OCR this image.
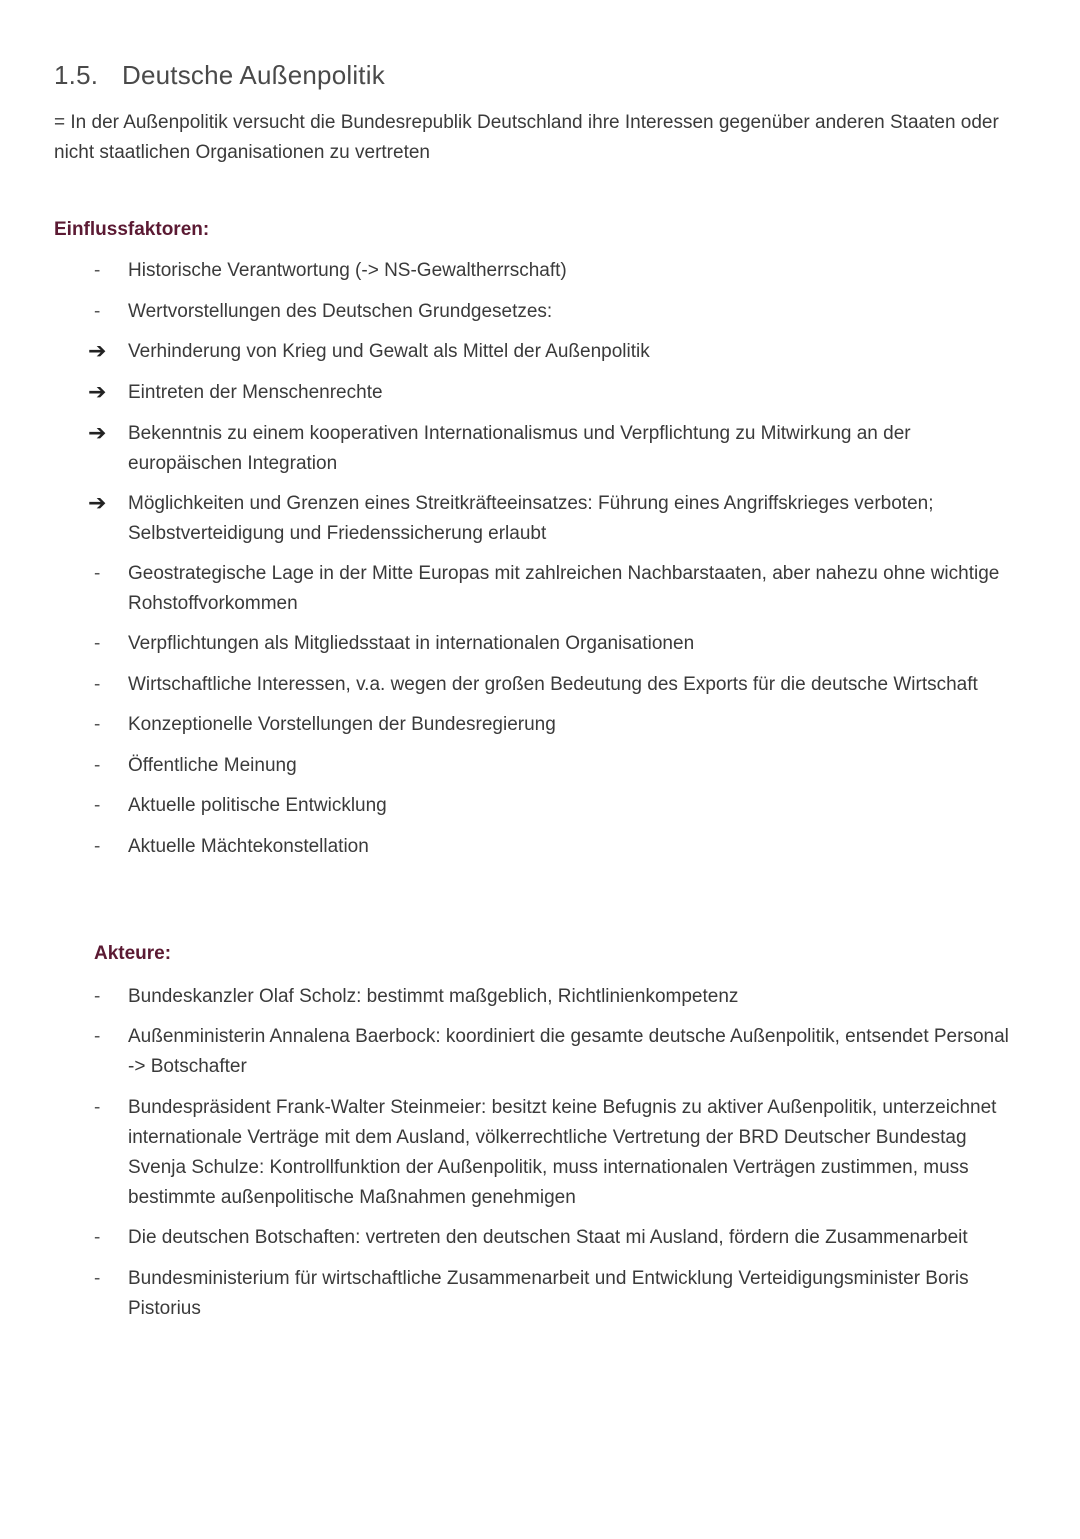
1.5. Deutsche Außenpolitik
= In der Außenpolitik versucht die Bundesrepublik Deutschland ihre Interessen gegenüber anderen Staaten oder nicht staatlichen Organisationen zu vertreten
Einflussfaktoren:
-	Historische Verantwortung (-> NS-Gewaltherrschaft)
-	Wertvorstellungen des Deutschen Grundgesetzes:
➔	Verhinderung von Krieg und Gewalt als Mittel der Außenpolitik
➔	Eintreten der Menschenrechte
➔	Bekenntnis zu einem kooperativen Internationalismus und Verpflichtung zu Mitwirkung an der europäischen Integration
➔	Möglichkeiten und Grenzen eines Streitkräfteeinsatzes: Führung eines Angriffskrieges verboten; Selbstverteidigung und Friedenssicherung erlaubt
-	Geostrategische Lage in der Mitte Europas mit zahlreichen Nachbarstaaten, aber nahezu ohne wichtige Rohstoffvorkommen
-	Verpflichtungen als Mitgliedsstaat in internationalen Organisationen
-	Wirtschaftliche Interessen, v.a. wegen der großen Bedeutung des Exports für die deutsche Wirtschaft
-	Konzeptionelle Vorstellungen der Bundesregierung
-	Öffentliche Meinung
-	Aktuelle politische Entwicklung
-	Aktuelle Mächtekonstellation
Akteure:
-	Bundeskanzler Olaf Scholz: bestimmt maßgeblich, Richtlinienkompetenz
-	Außenministerin Annalena Baerbock: koordiniert die gesamte deutsche Außenpolitik, entsendet Personal -> Botschafter
-	Bundespräsident Frank-Walter Steinmeier: besitzt keine Befugnis zu aktiver Außenpolitik, unterzeichnet internationale Verträge mit dem Ausland, völkerrechtliche Vertretung der BRD Deutscher Bundestag Svenja Schulze: Kontrollfunktion der Außenpolitik, muss internationalen Verträgen zustimmen, muss bestimmte außenpolitische Maßnahmen genehmigen
-	Die deutschen Botschaften: vertreten den deutschen Staat mi Ausland, fördern die Zusammenarbeit
-	Bundesministerium für wirtschaftliche Zusammenarbeit und Entwicklung Verteidigungsminister Boris Pistorius
